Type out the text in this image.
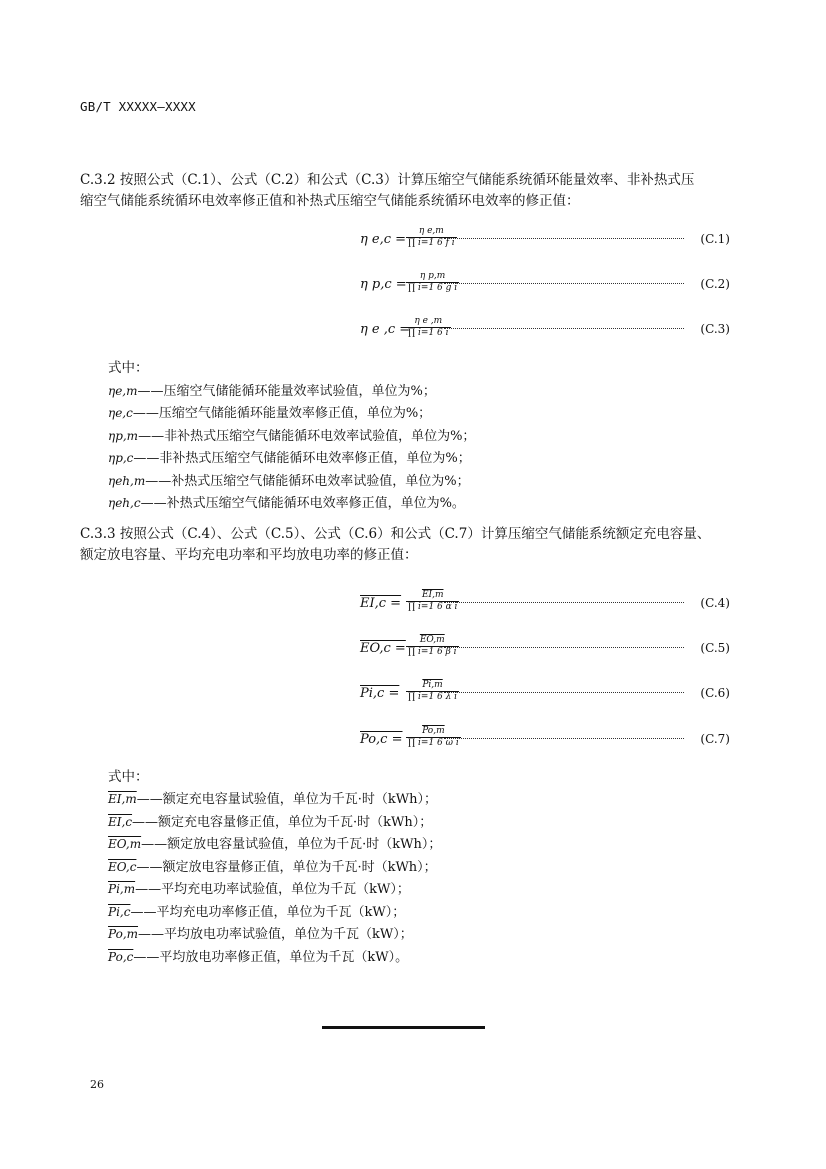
GB/T XXXXX—XXXX
C.3.2 按照公式（C.1）、公式（C.2）和公式（C.3）计算压缩空气储能系统循环能量效率、非补热式压
缩空气储能系统循环电效率修正值和补热式压缩空气储能系统循环电效率的修正值：
η $e,c = \frac{\text{η e,m}}{\text{∏ i=1 6 f i}}$	(C.1)
η $p,c = \frac{\text{η p,m}}{\text{∏ i=1 6 g i}}$	(C.2)
η e ,c =
$\frac{\text{η e ,m}}{\prod i=1 6 i}$	(C.3)
式中：
ηe,m——压缩空气储能循环能量效率试验值，单位为%；
ηe,c——压缩空气储能循环能量效率修正值，单位为%；
ηp,m——非补热式压缩空气储能循环电效率试验值，单位为%；
ηp,c——非补热式压缩空气储能循环电效率修正值，单位为%；
ηeh,m——补热式压缩空气储能循环电效率试验值，单位为%；
ηeh,c——补热式压缩空气储能循环电效率修正值，单位为%。
C.3.3 按照公式（C.4）、公式（C.5）、公式（C.6）和公式（C.7）计算压缩空气储能系统额定充电容量、
额定放电容量、平均充电功率和平均放电功率的修正值：
$EI,c = \frac{EI,m}{\text{∏ i=1 6 α i}}$	(C.4)
$EO,c = \frac{EO,m}{\text{∏ i=1 6 β i}}$	(C.5)
$Pi,c = \frac{Pi,m}{\text{∏ i=1 6 λ i}}$	(C.6)
$Po,c = \frac{Po,m}{\text{∏ i=1 6 ω i}}$	(C.7)
式中：
EI,m——额定充电容量试验值，单位为千瓦·时（kWh）；
EI,c——额定充电容量修正值，单位为千瓦·时（kWh）；
EO,m——额定放电容量试验值，单位为千瓦·时（kWh）；
EO,c——额定放电容量修正值，单位为千瓦·时（kWh）；
Pi,m——平均充电功率试验值，单位为千瓦（kW）；
Pi,c——平均充电功率修正值，单位为千瓦（kW）；
Po,m——平均放电功率试验值，单位为千瓦（kW）；
Po,c——平均放电功率修正值，单位为千瓦（kW）。
26
